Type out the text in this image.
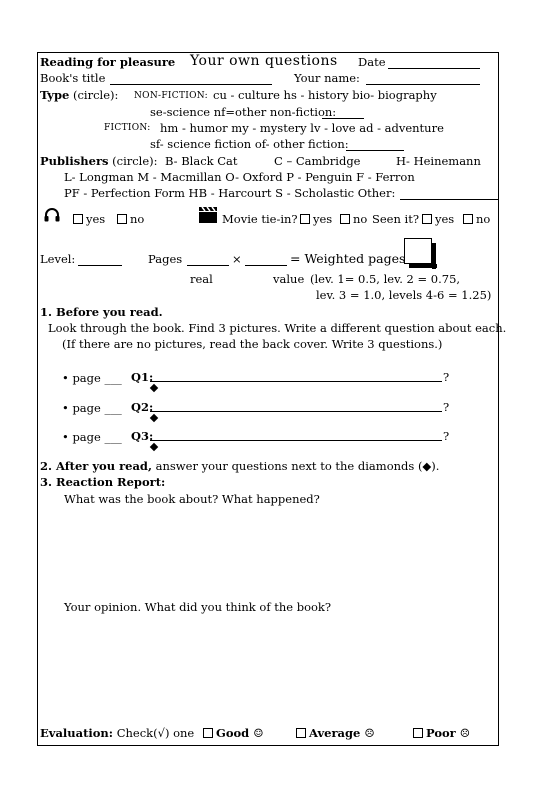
Reading for pleasure Your own questions Date
Book's title	Your name:
Type (circle): NON-FICTION: cu - culture hs - history bio- biography
se-science nf=other non-fiction:
FICTION: hm - humor my - mystery lv - love ad - adventure
sf- science fiction of- other fiction:
Publishers (circle): B- Black Cat	C – Cambridge	H- Heinemann
L- Longman M - Macmillan O- Oxford P - Penguin F - Ferron
PF - Perfection Form HB - Harcourt S - Scholastic Other:
yes	no	Movie tie-in?	yes	no Seen it?	yes	no
Level:	Pages	×	= Weighted pages
real	value (lev. 1= 0.5, lev. 2 = 0.75,
lev. 3 = 1.0, levels 4-6 = 1.25)
1. Before you read.
Look through the book. Find 3 pictures. Write a different question about each.
(If there are no pictures, read the back cover. Write 3 questions.)
• page ___ Q1:	?
• page ___ Q2:	?
• page ___ Q3:	?
2. After you read, answer your questions next to the diamonds (◆).
3. Reaction Report:
What was the book about? What happened?
Your opinion. What did you think of the book?
Evaluation: Check(√) one	Good ☺	Average ☹	Poor ☹
